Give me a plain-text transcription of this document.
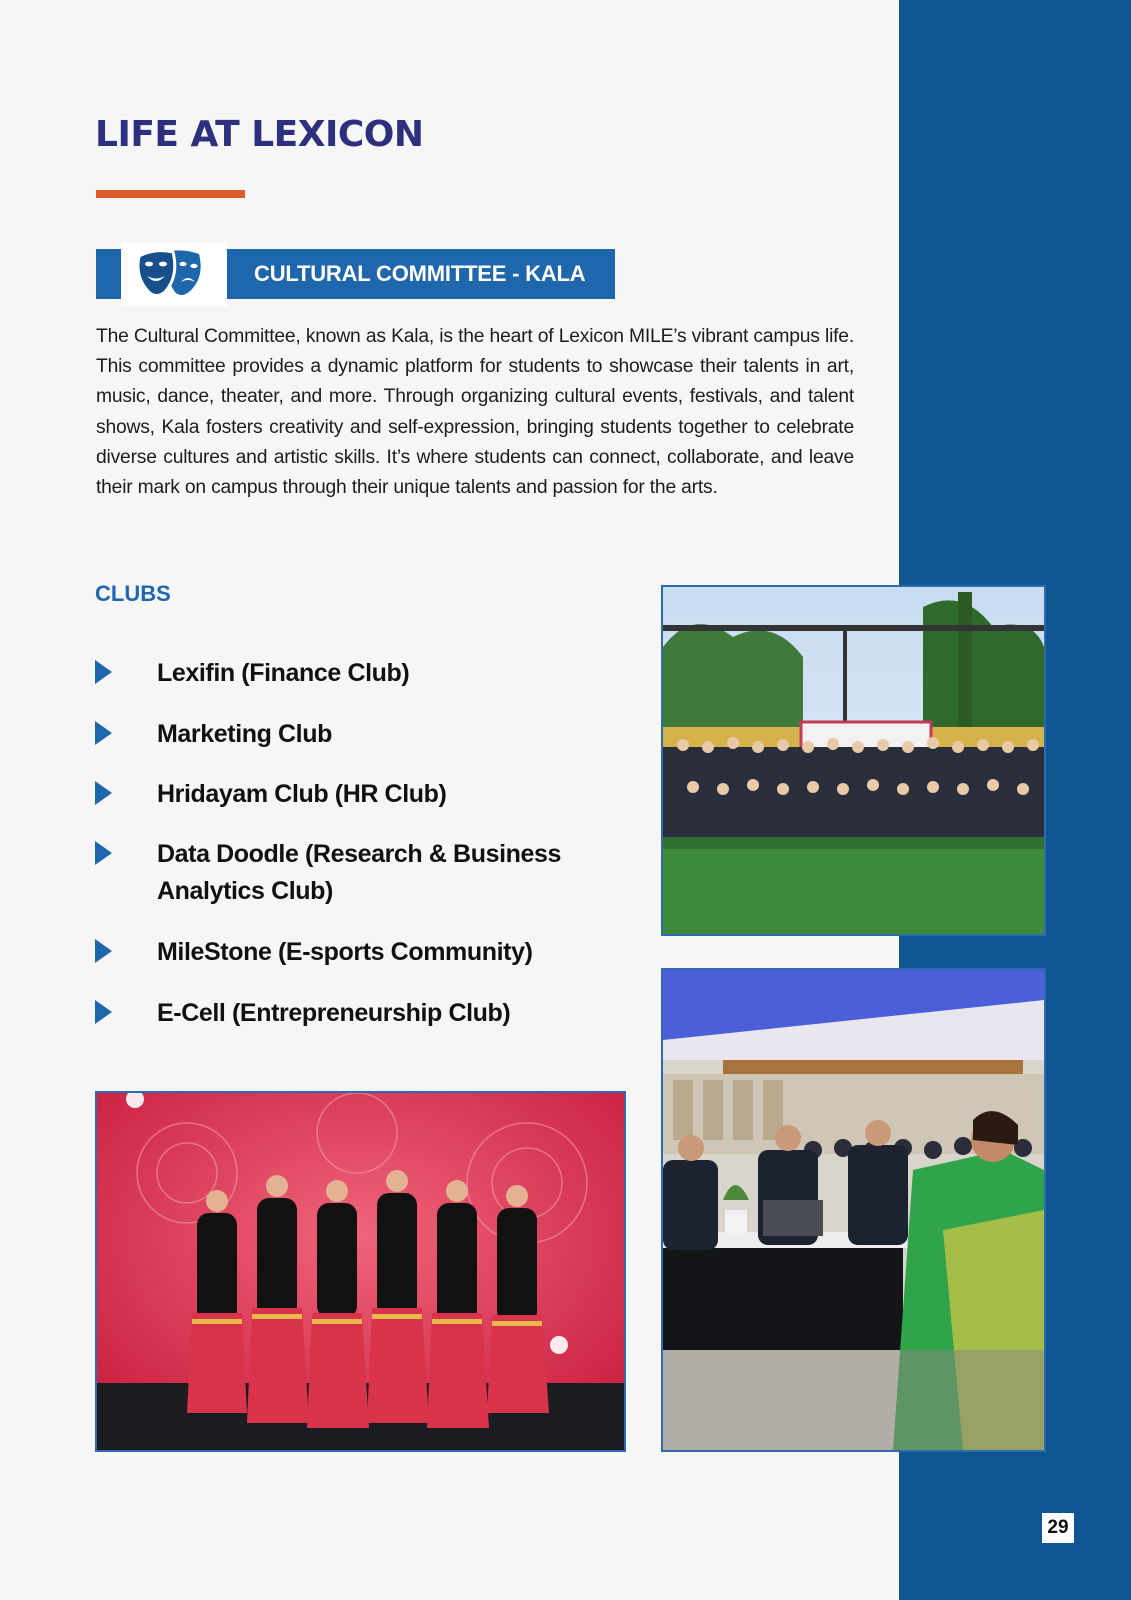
LIFE AT LEXICON
CULTURAL COMMITTEE - KALA

The Cultural Committee, known as Kala, is the heart of Lexicon MILE’s vibrant campus life. This committee provides a dynamic platform for students to showcase their talents in art, music, dance, theater, and more. Through organizing cultural events, festivals, and talent shows, Kala fosters creativity and self-expression, bringing students together to celebrate diverse cultures and artistic skills. It’s where students can connect, collaborate, and leave their mark on campus through their unique talents and passion for the arts.

CLUBS
Lexifin (Finance Club)
Marketing Club
Hridayam Club (HR Club)
Data Doodle (Research & Business Analytics Club)
MileStone (E-sports Community)
E-Cell (Entrepreneurship Club)
29
